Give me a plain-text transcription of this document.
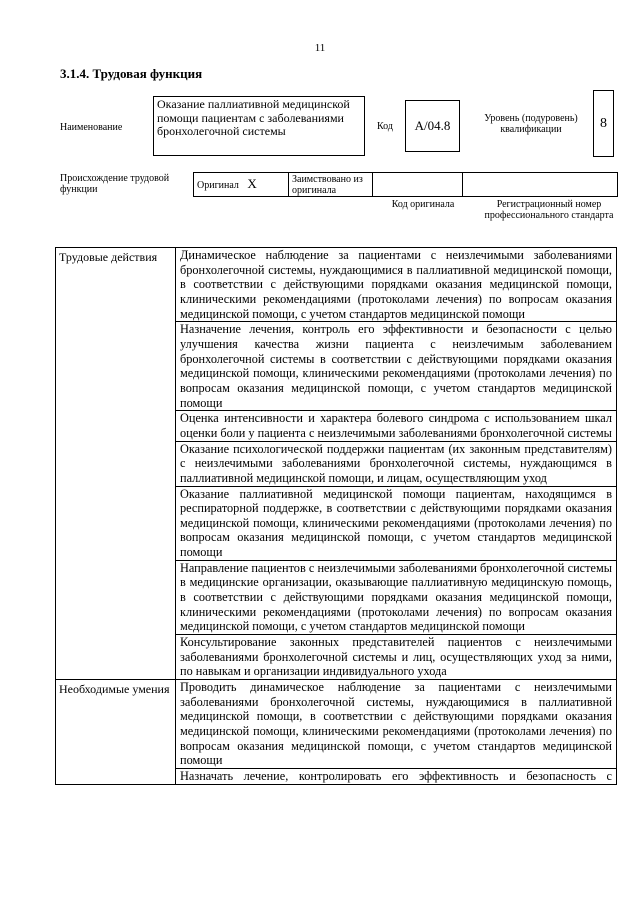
11
3.1.4. Трудовая функция
Наименование
Оказание паллиативной медицинской помощи пациентам с заболеваниями бронхолегочной системы	Код	A/04.8	Уровень (подуровень) квалификации	8
Происхождение трудовой функции	Оригинал X	Заимствовано из оригинала		
Код оригинала	Регистрационный номер профессионального стандарта
Трудовые действия	Динамическое наблюдение за пациентами с неизлечимыми заболеваниями бронхолегочной системы, нуждающимися в паллиативной медицинской помощи, в соответствии с действующими порядками оказания медицинской помощи, клиническими рекомендациями (протоколами лечения) по вопросам оказания медицинской помощи, с учетом стандартов медицинской помощи
	Назначение лечения, контроль его эффективности и безопасности с целью улучшения качества жизни пациента с неизлечимым заболеванием бронхолегочной системы в соответствии с действующими порядками оказания медицинской помощи, клиническими рекомендациями (протоколами лечения) по вопросам оказания медицинской помощи, с учетом стандартов медицинской помощи
	Оценка интенсивности и характера болевого синдрома с использованием шкал оценки боли у пациента с неизлечимыми заболеваниями бронхолегочной системы
	Оказание психологической поддержки пациентам (их законным представителям) с неизлечимыми заболеваниями бронхолегочной системы, нуждающимся в паллиативной медицинской помощи, и лицам, осуществляющим уход
	Оказание паллиативной медицинской помощи пациентам, находящимся в респираторной поддержке, в соответствии с действующими порядками оказания медицинской помощи, клиническими рекомендациями (протоколами лечения) по вопросам оказания медицинской помощи, с учетом стандартов медицинской помощи
	Направление пациентов с неизлечимыми заболеваниями бронхолегочной системы в медицинские организации, оказывающие паллиативную медицинскую помощь, в соответствии с действующими порядками оказания медицинской помощи, клиническими рекомендациями (протоколами лечения) по вопросам оказания медицинской помощи, с учетом стандартов медицинской помощи
	Консультирование законных представителей пациентов с неизлечимыми заболеваниями бронхолегочной системы и лиц, осуществляющих уход за ними, по навыкам и организации индивидуального ухода
Необходимые умения	Проводить динамическое наблюдение за пациентами с неизлечимыми заболеваниями бронхолегочной системы, нуждающимися в паллиативной медицинской помощи, в соответствии с действующими порядками оказания медицинской помощи, клиническими рекомендациями (протоколами лечения) по вопросам оказания медицинской помощи, с учетом стандартов медицинской помощи
	Назначать лечение, контролировать его эффективность и безопасность с
